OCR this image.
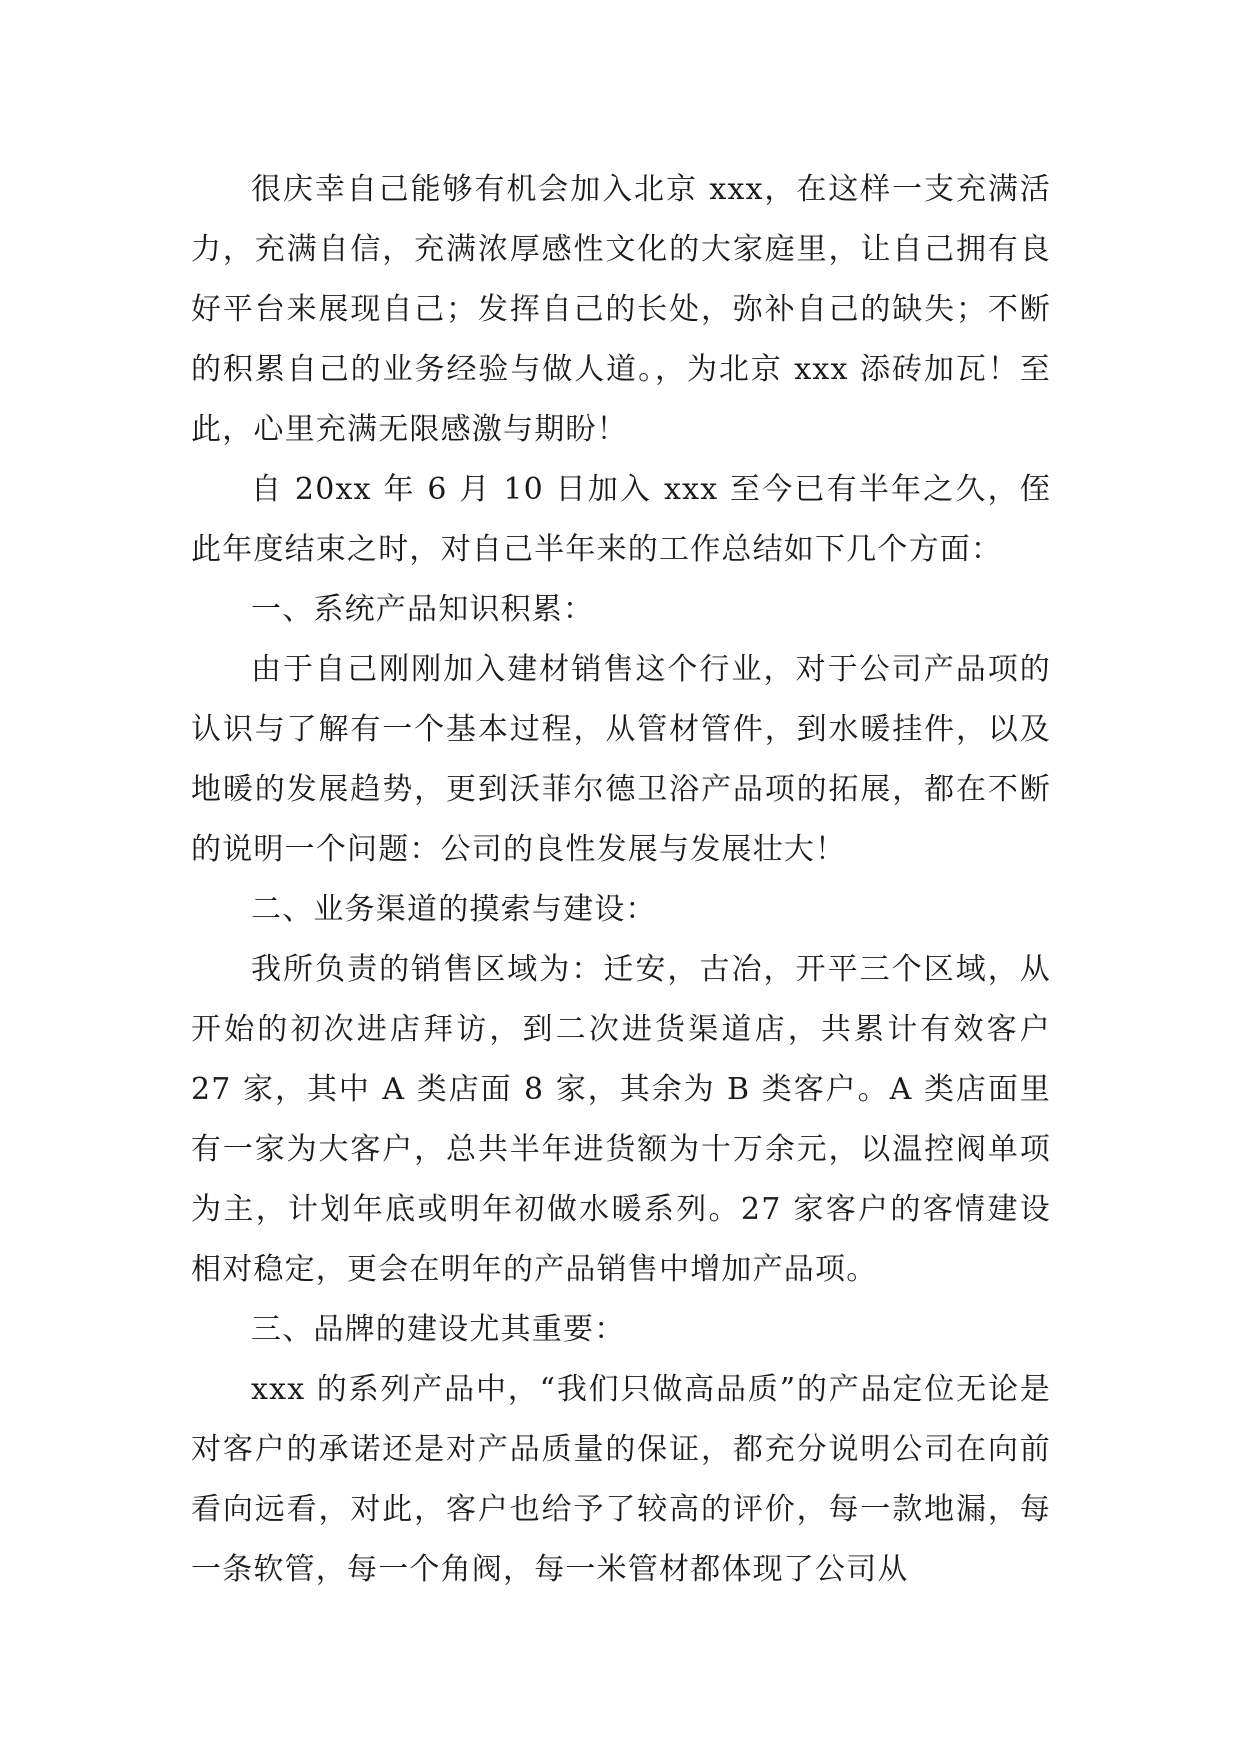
很庆幸自己能够有机会加入北京 xxx，在这样一支充满活力，充满自信，充满浓厚感性文化的大家庭里，让自己拥有良好平台来展现自己；发挥自己的长处，弥补自己的缺失；不断的积累自己的业务经验与做人道。，为北京 xxx 添砖加瓦！至此，心里充满无限感激与期盼！

自 20xx 年 6 月 10 日加入 xxx 至今已有半年之久，侄此年度结束之时，对自己半年来的工作总结如下几个方面：

一、系统产品知识积累：

由于自己刚刚加入建材销售这个行业，对于公司产品项的认识与了解有一个基本过程，从管材管件，到水暖挂件，以及地暖的发展趋势，更到沃菲尔德卫浴产品项的拓展，都在不断的说明一个问题：公司的良性发展与发展壮大！

二、业务渠道的摸索与建设：

我所负责的销售区域为：迁安，古冶，开平三个区域，从开始的初次进店拜访，到二次进货渠道店，共累计有效客户 27 家，其中 A 类店面 8 家，其余为 B 类客户。A 类店面里有一家为大客户，总共半年进货额为十万余元，以温控阀单项为主，计划年底或明年初做水暖系列。27 家客户的客情建设相对稳定，更会在明年的产品销售中增加产品项。

三、品牌的建设尤其重要：

xxx 的系列产品中，“我们只做高品质”的产品定位无论是对客户的承诺还是对产品质量的保证，都充分说明公司在向前看向远看，对此，客户也给予了较高的评价，每一款地漏，每一条软管，每一个角阀，每一米管材都体现了公司从
